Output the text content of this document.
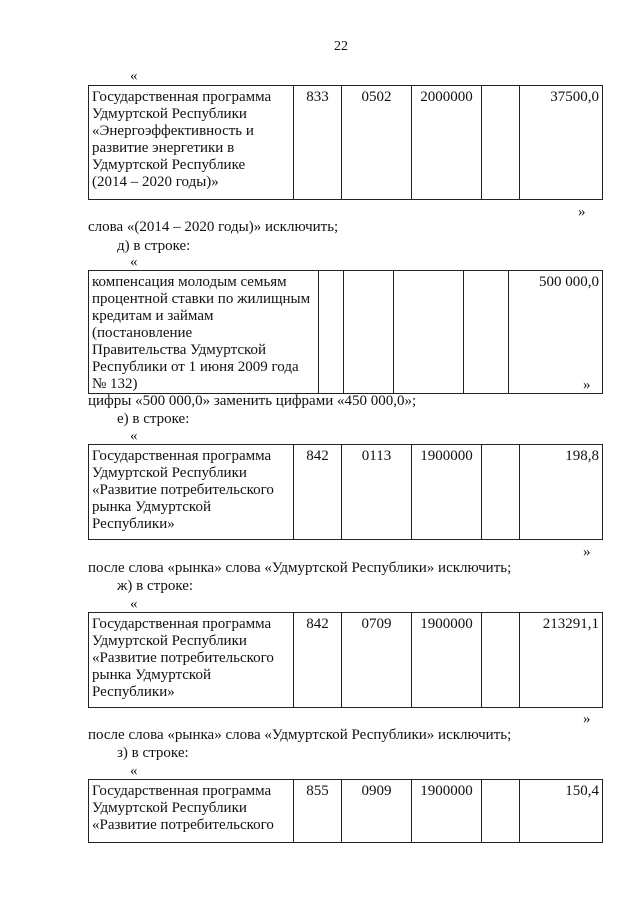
22
«
Государственная программа
Удмуртской Республики
«Энергоэффективность и
развитие энергетики в
Удмуртской Республике
(2014 – 2020 годы)»	833	0502	2000000		37500,0
»
слова «(2014 – 2020 годы)» исключить;
д) в строке:
«
компенсация молодым семьям
процентной ставки по жилищным
кредитам и займам (постановление
Правительства Удмуртской
Республики от 1 июня 2009 года
№ 132)					500 000,0
»
цифры «500 000,0» заменить цифрами «450 000,0»;
е) в строке:
«
Государственная программа
Удмуртской Республики
«Развитие потребительского
рынка Удмуртской
Республики»	842	0113	1900000		198,8
»
после слова «рынка» слова «Удмуртской Республики» исключить;
ж) в строке:
«
Государственная программа
Удмуртской Республики
«Развитие потребительского
рынка Удмуртской
Республики»	842	0709	1900000		213291,1
»
после слова «рынка» слова «Удмуртской Республики» исключить;
з) в строке:
«
Государственная программа
Удмуртской Республики
«Развитие потребительского	855	0909	1900000		150,4
